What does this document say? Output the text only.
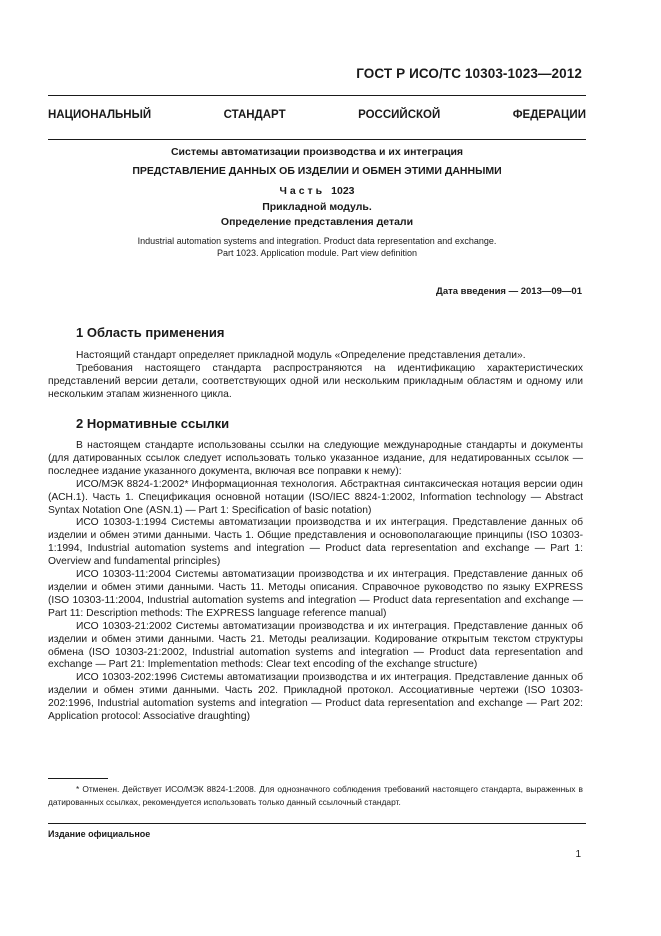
ГОСТ Р ИСО/ТС 10303-1023—2012
НАЦИОНАЛЬНЫЙ	СТАНДАРТ	РОССИЙСКОЙ	ФЕДЕРАЦИИ
Системы автоматизации производства и их интеграция
ПРЕДСТАВЛЕНИЕ ДАННЫХ ОБ ИЗДЕЛИИ И ОБМЕН ЭТИМИ ДАННЫМИ
Часть 1023
Прикладной модуль.
Определение представления детали
Industrial automation systems and integration. Product data representation and exchange.
Part 1023. Application module. Part view definition
Дата введения — 2013—09—01
1 Область применения

Настоящий стандарт определяет прикладной модуль «Определение представления детали».

Требования настоящего стандарта распространяются на идентификацию характеристических представлений версии детали, соответствующих одной или нескольким прикладным областям и одному или нескольким этапам жизненного цикла.

2 Нормативные ссылки

В настоящем стандарте использованы ссылки на следующие международные стандарты и документы (для датированных ссылок следует использовать только указанное издание, для недатированных ссылок — последнее издание указанного документа, включая все поправки к нему):

ИСО/МЭК 8824-1:2002* Информационная технология. Абстрактная синтаксическая нотация версии один (АСН.1). Часть 1. Спецификация основной нотации (ISO/IEC 8824-1:2002, Information technology — Abstract Syntax Notation One (ASN.1) — Part 1: Specification of basic notation)

ИСО 10303-1:1994 Системы автоматизации производства и их интеграция. Представление данных об изделии и обмен этими данными. Часть 1. Общие представления и основополагающие принципы (ISO 10303-1:1994, Industrial automation systems and integration — Product data representation and exchange — Part 1: Overview and fundamental principles)

ИСО 10303-11:2004 Системы автоматизации производства и их интеграция. Представление данных об изделии и обмен этими данными. Часть 11. Методы описания. Справочное руководство по языку EXPRESS (ISO 10303-11:2004, Industrial automation systems and integration — Product data representation and exchange — Part 11: Description methods: The EXPRESS language reference manual)

ИСО 10303-21:2002 Системы автоматизации производства и их интеграция. Представление данных об изделии и обмен этими данными. Часть 21. Методы реализации. Кодирование открытым текстом структуры обмена (ISO 10303-21:2002, Industrial automation systems and integration — Product data representation and exchange — Part 21: Implementation methods: Clear text encoding of the exchange structure)

ИСО 10303-202:1996 Системы автоматизации производства и их интеграция. Представление данных об изделии и обмен этими данными. Часть 202. Прикладной протокол. Ассоциативные чертежи (ISO 10303-202:1996, Industrial automation systems and integration — Product data representation and exchange — Part 202: Application protocol: Associative draughting)

* Отменен. Действует ИСО/МЭК 8824-1:2008. Для однозначного соблюдения требований настоящего стандарта, выраженных в датированных ссылках, рекомендуется использовать только данный ссылочный стандарт.

Издание официальное
1
